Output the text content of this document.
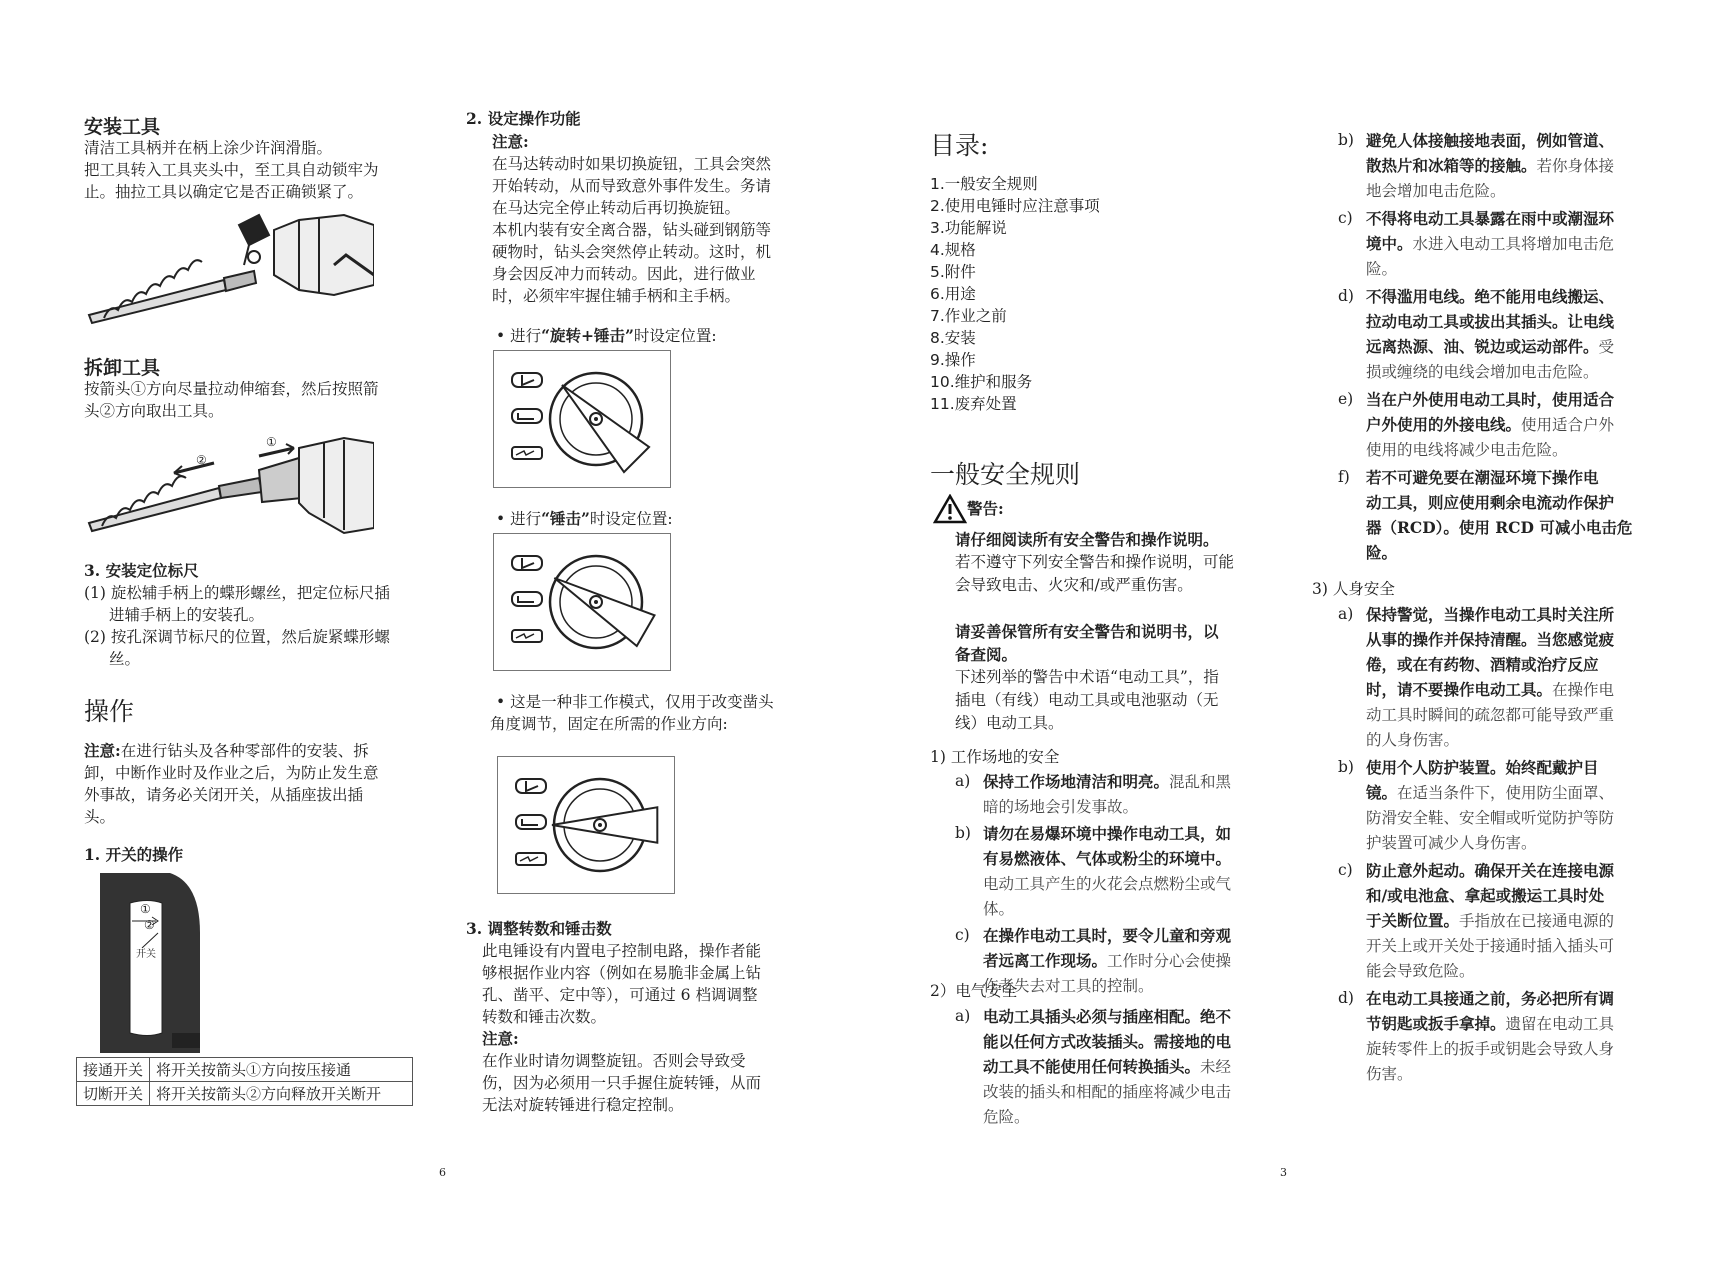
安装工具
清洁工具柄并在柄上涂少许润滑脂。
把工具转入工具夹头中，至工具自动锁牢为
止。抽拉工具以确定它是否正确锁紧了。
拆卸工具
按箭头①方向尽量拉动伸缩套，然后按照箭
头②方向取出工具。
②
①
3. 安装定位标尺
(1) 旋松辅手柄上的蝶形螺丝，把定位标尺插
进辅手柄上的安装孔。
(2) 按孔深调节标尺的位置，然后旋紧蝶形螺
丝。
操作
注意:在进行钻头及各种零部件的安装、拆
卸，中断作业时及作业之后，为防止发生意
外事故，请务必关闭开关，从插座拔出插
头。
1. 开关的操作
①
②
开关
接通开关	将开关按箭头①方向按压接通
切断开关	将开关按箭头②方向释放开关断开
2. 设定操作功能
注意:
在马达转动时如果切换旋钮，工具会突然
开始转动，从而导致意外事件发生。务请
在马达完全停止转动后再切换旋钮。
本机内装有安全离合器，钻头碰到钢筋等
硬物时，钻头会突然停止转动。这时，机
身会因反冲力而转动。因此，进行做业
时，必须牢牢握住辅手柄和主手柄。
• 进行“旋转+锤击”时设定位置:
• 进行“锤击”时设定位置:
• 这是一种非工作模式，仅用于改变凿头
角度调节，固定在所需的作业方向:
3. 调整转数和锤击数
此电锤设有内置电子控制电路，操作者能
够根据作业内容（例如在易脆非金属上钻
孔、凿平、定中等），可通过 6 档调调整
转数和锤击次数。
注意:
在作业时请勿调整旋钮。否则会导致受
伤，因为必须用一只手握住旋转锤，从而
无法对旋转锤进行稳定控制。
6
目录:
1.一般安全规则
2.使用电锤时应注意事项
3.功能解说
4.规格
5.附件
6.用途
7.作业之前
8.安装
9.操作
10.维护和服务
11.废弃处置
一般安全规则
警告:
请仔细阅读所有安全警告和操作说明。
若不遵守下列安全警告和操作说明，可能
会导致电击、火灾和/或严重伤害。
请妥善保管所有安全警告和说明书，以
备查阅。
下述列举的警告中术语“电动工具”，指
插电（有线）电动工具或电池驱动（无
线）电动工具。
1) 工作场地的安全
a) 保持工作场地清洁和明亮。混乱和黑
暗的场地会引发事故。
b) 请勿在易爆环境中操作电动工具，如
有易燃液体、气体或粉尘的环境中。
电动工具产生的火花会点燃粉尘或气
体。
c) 在操作电动工具时，要令儿童和旁观
者远离工作现场。工作时分心会使操
作者失去对工具的控制。
2）电气安全
a) 电动工具插头必须与插座相配。绝不
能以任何方式改装插头。需接地的电
动工具不能使用任何转换插头。未经
改装的插头和相配的插座将减少电击
危险。
b) 避免人体接触接地表面，例如管道、
散热片和冰箱等的接触。若你身体接
地会增加电击危险。
c) 不得将电动工具暴露在雨中或潮湿环
境中。水进入电动工具将增加电击危
险。
d) 不得滥用电线。绝不能用电线搬运、
拉动电动工具或拔出其插头。让电线
远离热源、油、锐边或运动部件。受
损或缠绕的电线会增加电击危险。
e) 当在户外使用电动工具时，使用适合
户外使用的外接电线。使用适合户外
使用的电线将减少电击危险。
f) 若不可避免要在潮湿环境下操作电
动工具，则应使用剩余电流动作保护
器（RCD）。使用 RCD 可减小电击危
险。
3) 人身安全
a) 保持警觉，当操作电动工具时关注所
从事的操作并保持清醒。当您感觉疲
倦，或在有药物、酒精或治疗反应
时，请不要操作电动工具。在操作电
动工具时瞬间的疏忽都可能导致严重
的人身伤害。
b) 使用个人防护装置。始终配戴护目
镜。在适当条件下，使用防尘面罩、
防滑安全鞋、安全帽或听觉防护等防
护装置可减少人身伤害。
c) 防止意外起动。确保开关在连接电源
和/或电池盒、拿起或搬运工具时处
于关断位置。手指放在已接通电源的
开关上或开关处于接通时插入插头可
能会导致危险。
d) 在电动工具接通之前，务必把所有调
节钥匙或扳手拿掉。遗留在电动工具
旋转零件上的扳手或钥匙会导致人身
伤害。
3
